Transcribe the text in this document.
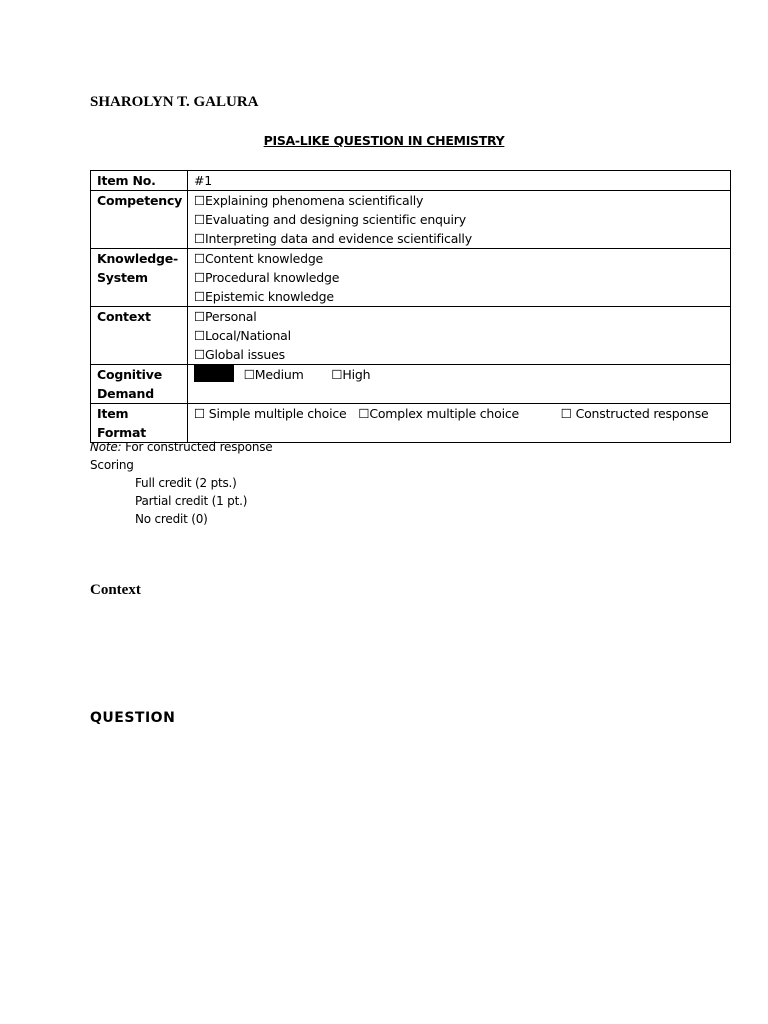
SHAROLYN T. GALURA
PISA-LIKE QUESTION IN CHEMISTRY
Item No.	#1
Competency	☐Explaining phenomena scientifically
☐Evaluating and designing scientific enquiry
☐Interpreting data and evidence scientifically

Knowledge-
System	☐Content knowledge
☐Procedural knowledge
☐Epistemic knowledge

Context	☐Personal
☐Local/National
☐Global issues

Cognitive
Demand	☐Medium ☐High
Item Format	☐ Simple multiple choice ☐Complex multiple choice ☐ Constructed response
Note: For constructed response
Scoring
Full credit (2 pts.)
Partial credit (1 pt.)
No credit (0)
Context
QUESTION
